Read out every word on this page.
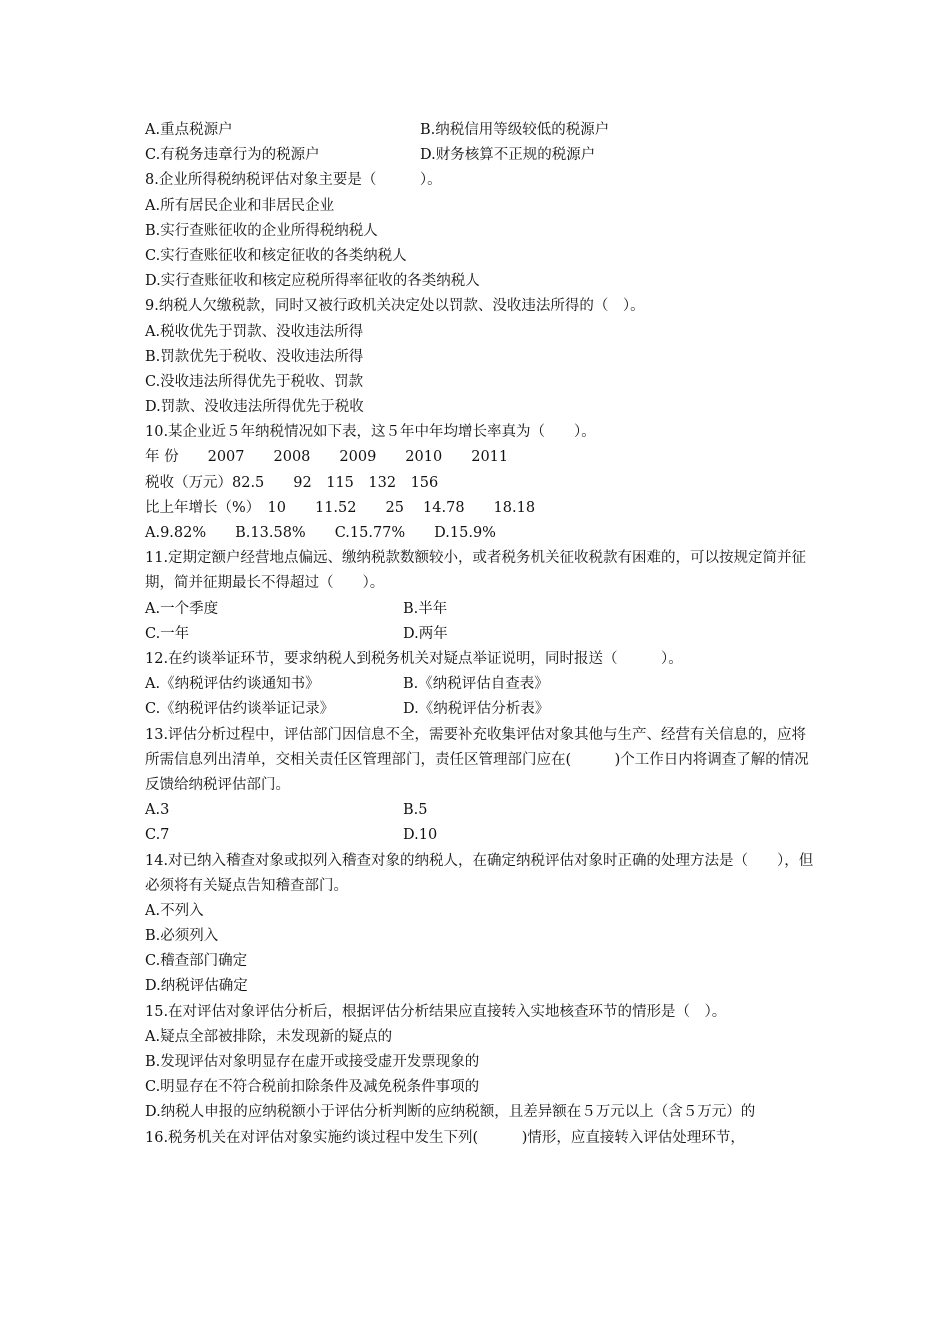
A.重点税源户	B.纳税信用等级较低的税源户
C.有税务违章行为的税源户	D.财务核算不正规的税源户
8.企业所得税纳税评估对象主要是（　　　）。
A.所有居民企业和非居民企业
B.实行查账征收的企业所得税纳税人
C.实行查账征收和核定征收的各类纳税人
D.实行查账征收和核定应税所得率征收的各类纳税人
9.纳税人欠缴税款，同时又被行政机关决定处以罚款、没收违法所得的（　）。
A.税收优先于罚款、没收违法所得
B.罚款优先于税收、没收违法所得
C.没收违法所得优先于税收、罚款
D.罚款、没收违法所得优先于税收
10.某企业近５年纳税情况如下表，这５年中年均增长率真为（　　）。
年 份　　2007　　2008　　2009　　2010　　2011
税收（万元）82.5　　92　115　132　156
比上年增长（%）　10　　11.52　　25　 14.78　　18.18
A.9.82%　　B.13.58%　　C.15.77%　　D.15.9%
11.定期定额户经营地点偏远、缴纳税款数额较小，或者税务机关征收税款有困难的，可以按规定简并征期，简并征期最长不得超过（　　）。
A.一个季度	B.半年
C.一年	D.两年
12.在约谈举证环节，要求纳税人到税务机关对疑点举证说明，同时报送（　　　）。
A.《纳税评估约谈通知书》	B.《纳税评估自查表》
C.《纳税评估约谈举证记录》	D.《纳税评估分析表》
13.评估分析过程中，评估部门因信息不全，需要补充收集评估对象其他与生产、经营有关信息的，应将所需信息列出清单，交相关责任区管理部门，责任区管理部门应在(　　　)个工作日内将调查了解的情况反馈给纳税评估部门。
A.3	B.5
C.7	D.10
14.对已纳入稽查对象或拟列入稽查对象的纳税人，在确定纳税评估对象时正确的处理方法是（　　），但必须将有关疑点告知稽查部门。
A.不列入
B.必须列入
C.稽查部门确定
D.纳税评估确定
15.在对评估对象评估分析后，根据评估分析结果应直接转入实地核查环节的情形是（　）。
A.疑点全部被排除，未发现新的疑点的
B.发现评估对象明显存在虚开或接受虚开发票现象的
C.明显存在不符合税前扣除条件及减免税条件事项的
D.纳税人申报的应纳税额小于评估分析判断的应纳税额，且差异额在５万元以上（含５万元）的
16.税务机关在对评估对象实施约谈过程中发生下列(　　　)情形，应直接转入评估处理环节，
